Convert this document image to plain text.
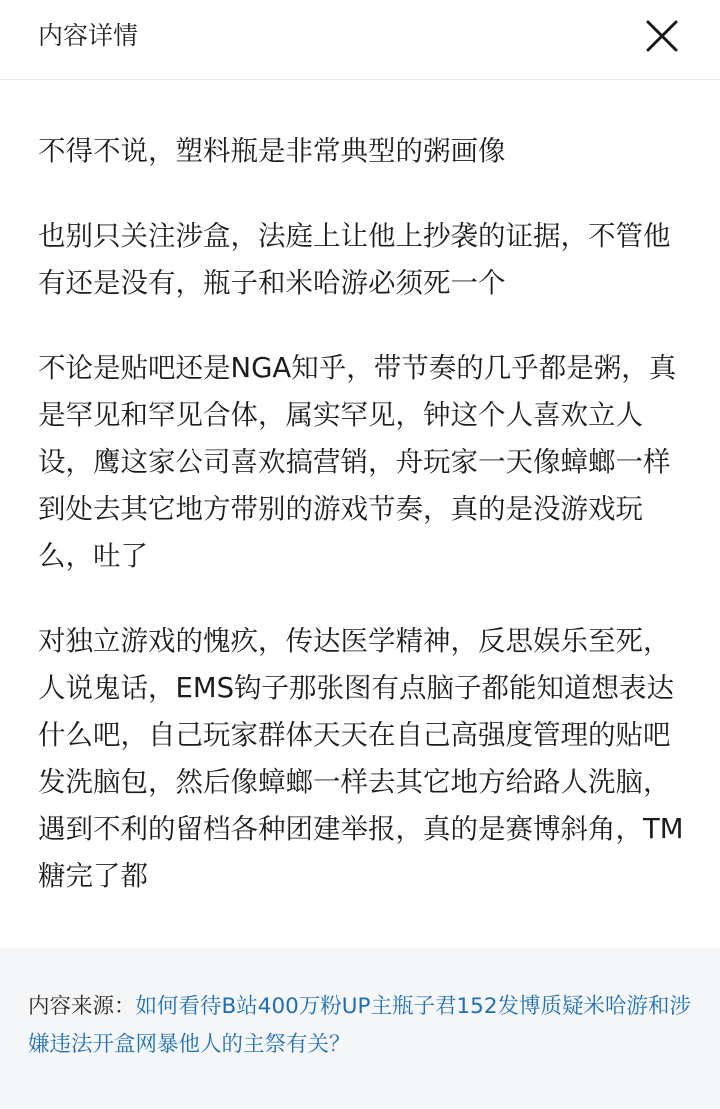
内容详情

不得不说，塑料瓶是非常典型的粥画像

也别只关注涉盒，法庭上让他上抄袭的证据，不管他有还是没有，瓶子和米哈游必须死一个

不论是贴吧还是NGA知乎，带节奏的几乎都是粥，真是罕见和罕见合体，属实罕见，钟这个人喜欢立人设，鹰这家公司喜欢搞营销，舟玩家一天像蟑螂一样到处去其它地方带别的游戏节奏，真的是没游戏玩么，吐了

对独立游戏的愧疚，传达医学精神，反思娱乐至死，人说鬼话，EMS钩子那张图有点脑子都能知道想表达什么吧，自己玩家群体天天在自己高强度管理的贴吧发洗脑包，然后像蟑螂一样去其它地方给路人洗脑，遇到不利的留档各种团建举报，真的是赛博斜角，TM糖完了都

内容来源：如何看待B站400万粉UP主瓶子君152发博质疑米哈游和涉嫌违法开盒网暴他人的主祭有关？
